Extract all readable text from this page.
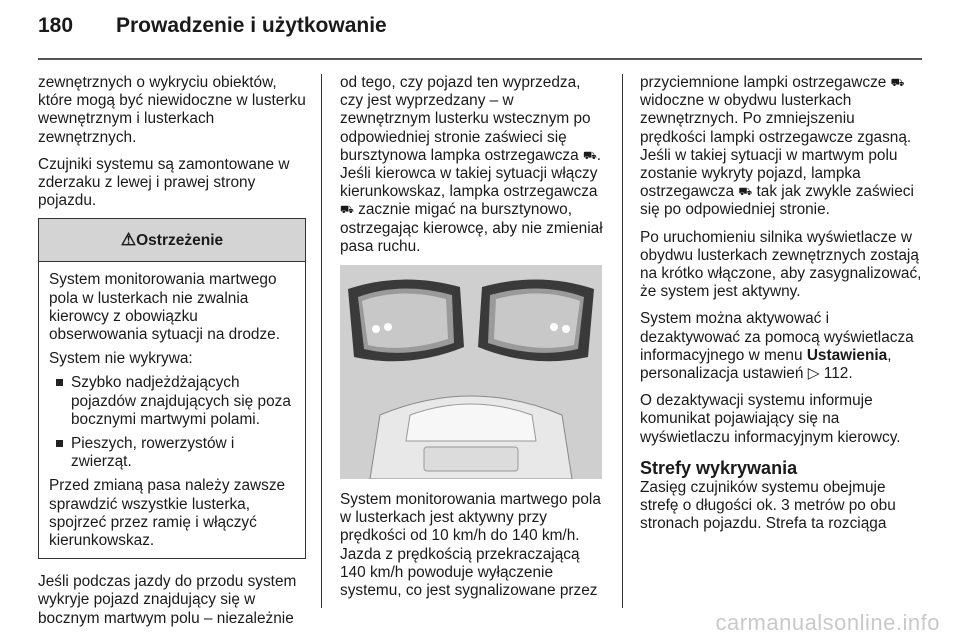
180 Prowadzenie i użytkowanie

zewnętrznych o wykryciu obiektów, które mogą być niewidoczne w lusterku wewnętrznym i lusterkach zewnętrznych.

Czujniki systemu są zamontowane w zderzaku z lewej i prawej strony pojazdu.

⚠Ostrzeżenie

System monitorowania martwego pola w lusterkach nie zwalnia kierowcy z obowiązku obserwowania sytuacji na drodze.

System nie wykrywa:

Szybko nadjeżdżających pojazdów znajdujących się poza bocznymi martwymi polami.
Pieszych, rowerzystów i zwierząt.

Przed zmianą pasa należy zawsze sprawdzić wszystkie lusterka, spojrzeć przez ramię i włączyć kierunkowskaz.

Jeśli podczas jazdy do przodu system wykryje pojazd znajdujący się w bocznym martwym polu – niezależnie

od tego, czy pojazd ten wyprzedza, czy jest wyprzedzany – w zewnętrznym lusterku wstecznym po odpowiedniej stronie zaświeci się bursztynowa lampka ostrzegawcza ⛟. Jeśli kierowca w takiej sytuacji włączy kierunkowskaz, lampka ostrzegawcza ⛟ zacznie migać na bursztynowo, ostrzegając kierowcę, aby nie zmieniał pasa ruchu.

System monitorowania martwego pola w lusterkach jest aktywny przy prędkości od 10 km/h do 140 km/h. Jazda z prędkością przekraczającą 140 km/h powoduje wyłączenie systemu, co jest sygnalizowane przez

przyciemnione lampki ostrzegawcze ⛟ widoczne w obydwu lusterkach zewnętrznych. Po zmniejszeniu prędkości lampki ostrzegawcze zgasną. Jeśli w takiej sytuacji w martwym polu zostanie wykryty pojazd, lampka ostrzegawcza ⛟ tak jak zwykle zaświeci się po odpowiedniej stronie.

Po uruchomieniu silnika wyświetlacze w obydwu lusterkach zewnętrznych zostają na krótko włączone, aby zasygnalizować, że system jest aktywny.

System można aktywować i dezaktywować za pomocą wyświetlacza informacyjnego w menu Ustawienia, personalizacja ustawień ▷ 112.

O dezaktywacji systemu informuje komunikat pojawiający się na wyświetlaczu informacyjnym kierowcy.

Strefy wykrywania

Zasięg czujników systemu obejmuje strefę o długości ok. 3 metrów po obu stronach pojazdu. Strefa ta rozciąga

carmanualsonline.info
